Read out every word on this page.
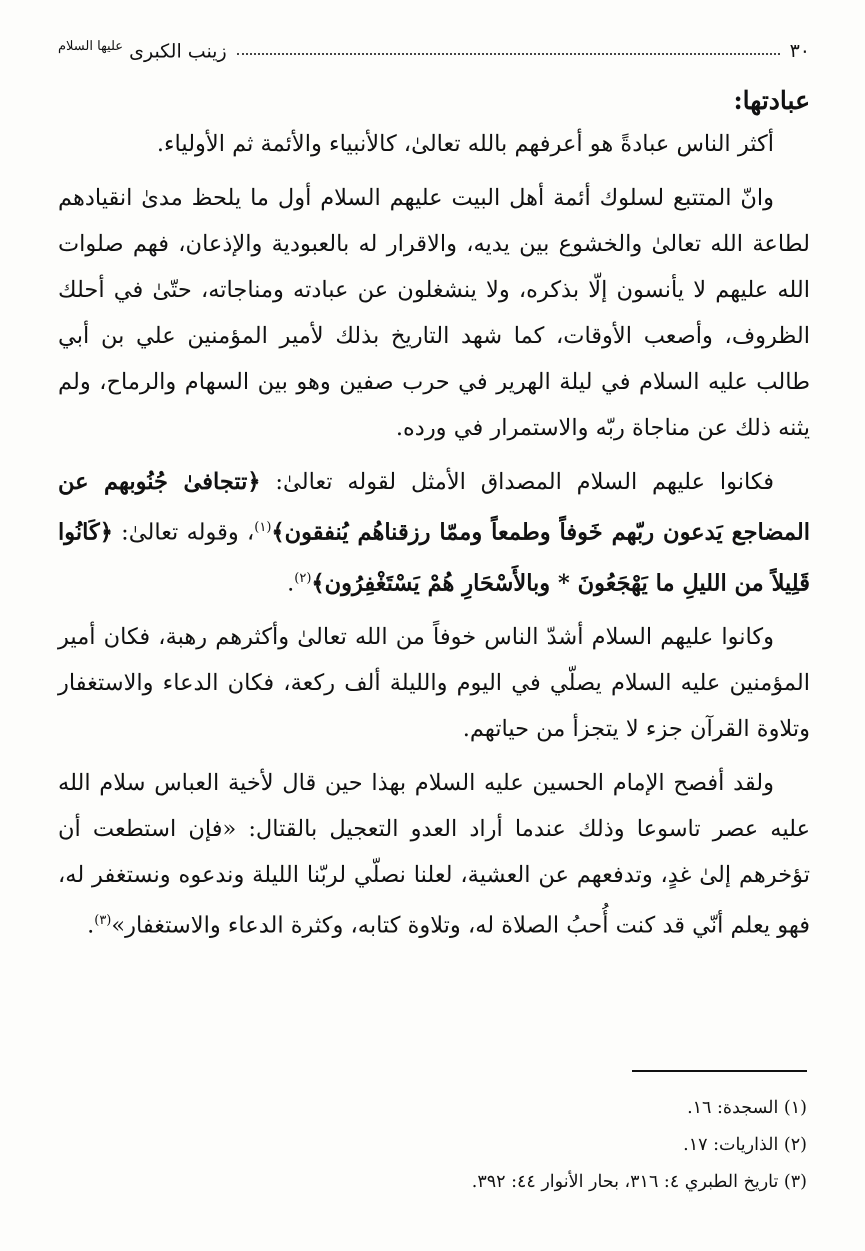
٣٠
زينب الكبرى $^{عليها السلام}$
عبادتها:

أكثر الناس عبادةً هو أعرفهم بالله تعالىٰ، كالأنبياء والأئمة ثم الأولياء.

وانّ المتتبع لسلوك أئمة أهل البيت عليهم السلام أول ما يلحظ مدىٰ انقيادهم لطاعة الله تعالىٰ والخشوع بين يديه، والاقرار له بالعبودية والإذعان، فهم صلوات الله عليهم لا يأنسون إلّا بذكره، ولا ينشغلون عن عبادته ومناجاته، حتّىٰ في أحلك الظروف، وأصعب الأوقات، كما شهد التاريخ بذلك لأمير المؤمنين علي بن أبي طالب عليه السلام في ليلة الهرير في حرب صفين وهو بين السهام والرماح، ولم يثنه ذلك عن مناجاة ربّه والاستمرار في ورده.

فكانوا عليهم السلام المصداق الأمثل لقوله تعالىٰ: ﴿تتجافىٰ جُنُوبهم عن المضاجع يَدعون ربّهم خَوفاً وطمعاً وممّا رزقناهُم يُنفقون﴾$^{(١)}$، وقوله تعالىٰ: ﴿كَانُوا قَلِيلاً من الليلِ ما يَهْجَعُونَ * وبالأَسْحَارِ هُمْ يَسْتَغْفِرُون﴾$^{(٢)}$.

وكانوا عليهم السلام أشدّ الناس خوفاً من الله تعالىٰ وأكثرهم رهبة، فكان أمير المؤمنين عليه السلام يصلّي في اليوم والليلة ألف ركعة، فكان الدعاء والاستغفار وتلاوة القرآن جزء لا يتجزأ من حياتهم.

ولقد أفصح الإمام الحسين عليه السلام بهذا حين قال لأخية العباس سلام الله عليه عصر تاسوعا وذلك عندما أراد العدو التعجيل بالقتال: «فإن استطعت أن تؤخرهم إلىٰ غدٍ، وتدفعهم عن العشية، لعلنا نصلّي لربّنا الليلة وندعوه ونستغفر له، فهو يعلم أنّي قد كنت أُحبُ الصلاة له، وتلاوة كتابه، وكثرة الدعاء والاستغفار»$^{(٣)}$.

(١) السجدة: ١٦.
(٢) الذاريات: ١٧.
(٣) تاريخ الطبري ٤: ٣١٦، بحار الأنوار ٤٤: ٣٩٢.
